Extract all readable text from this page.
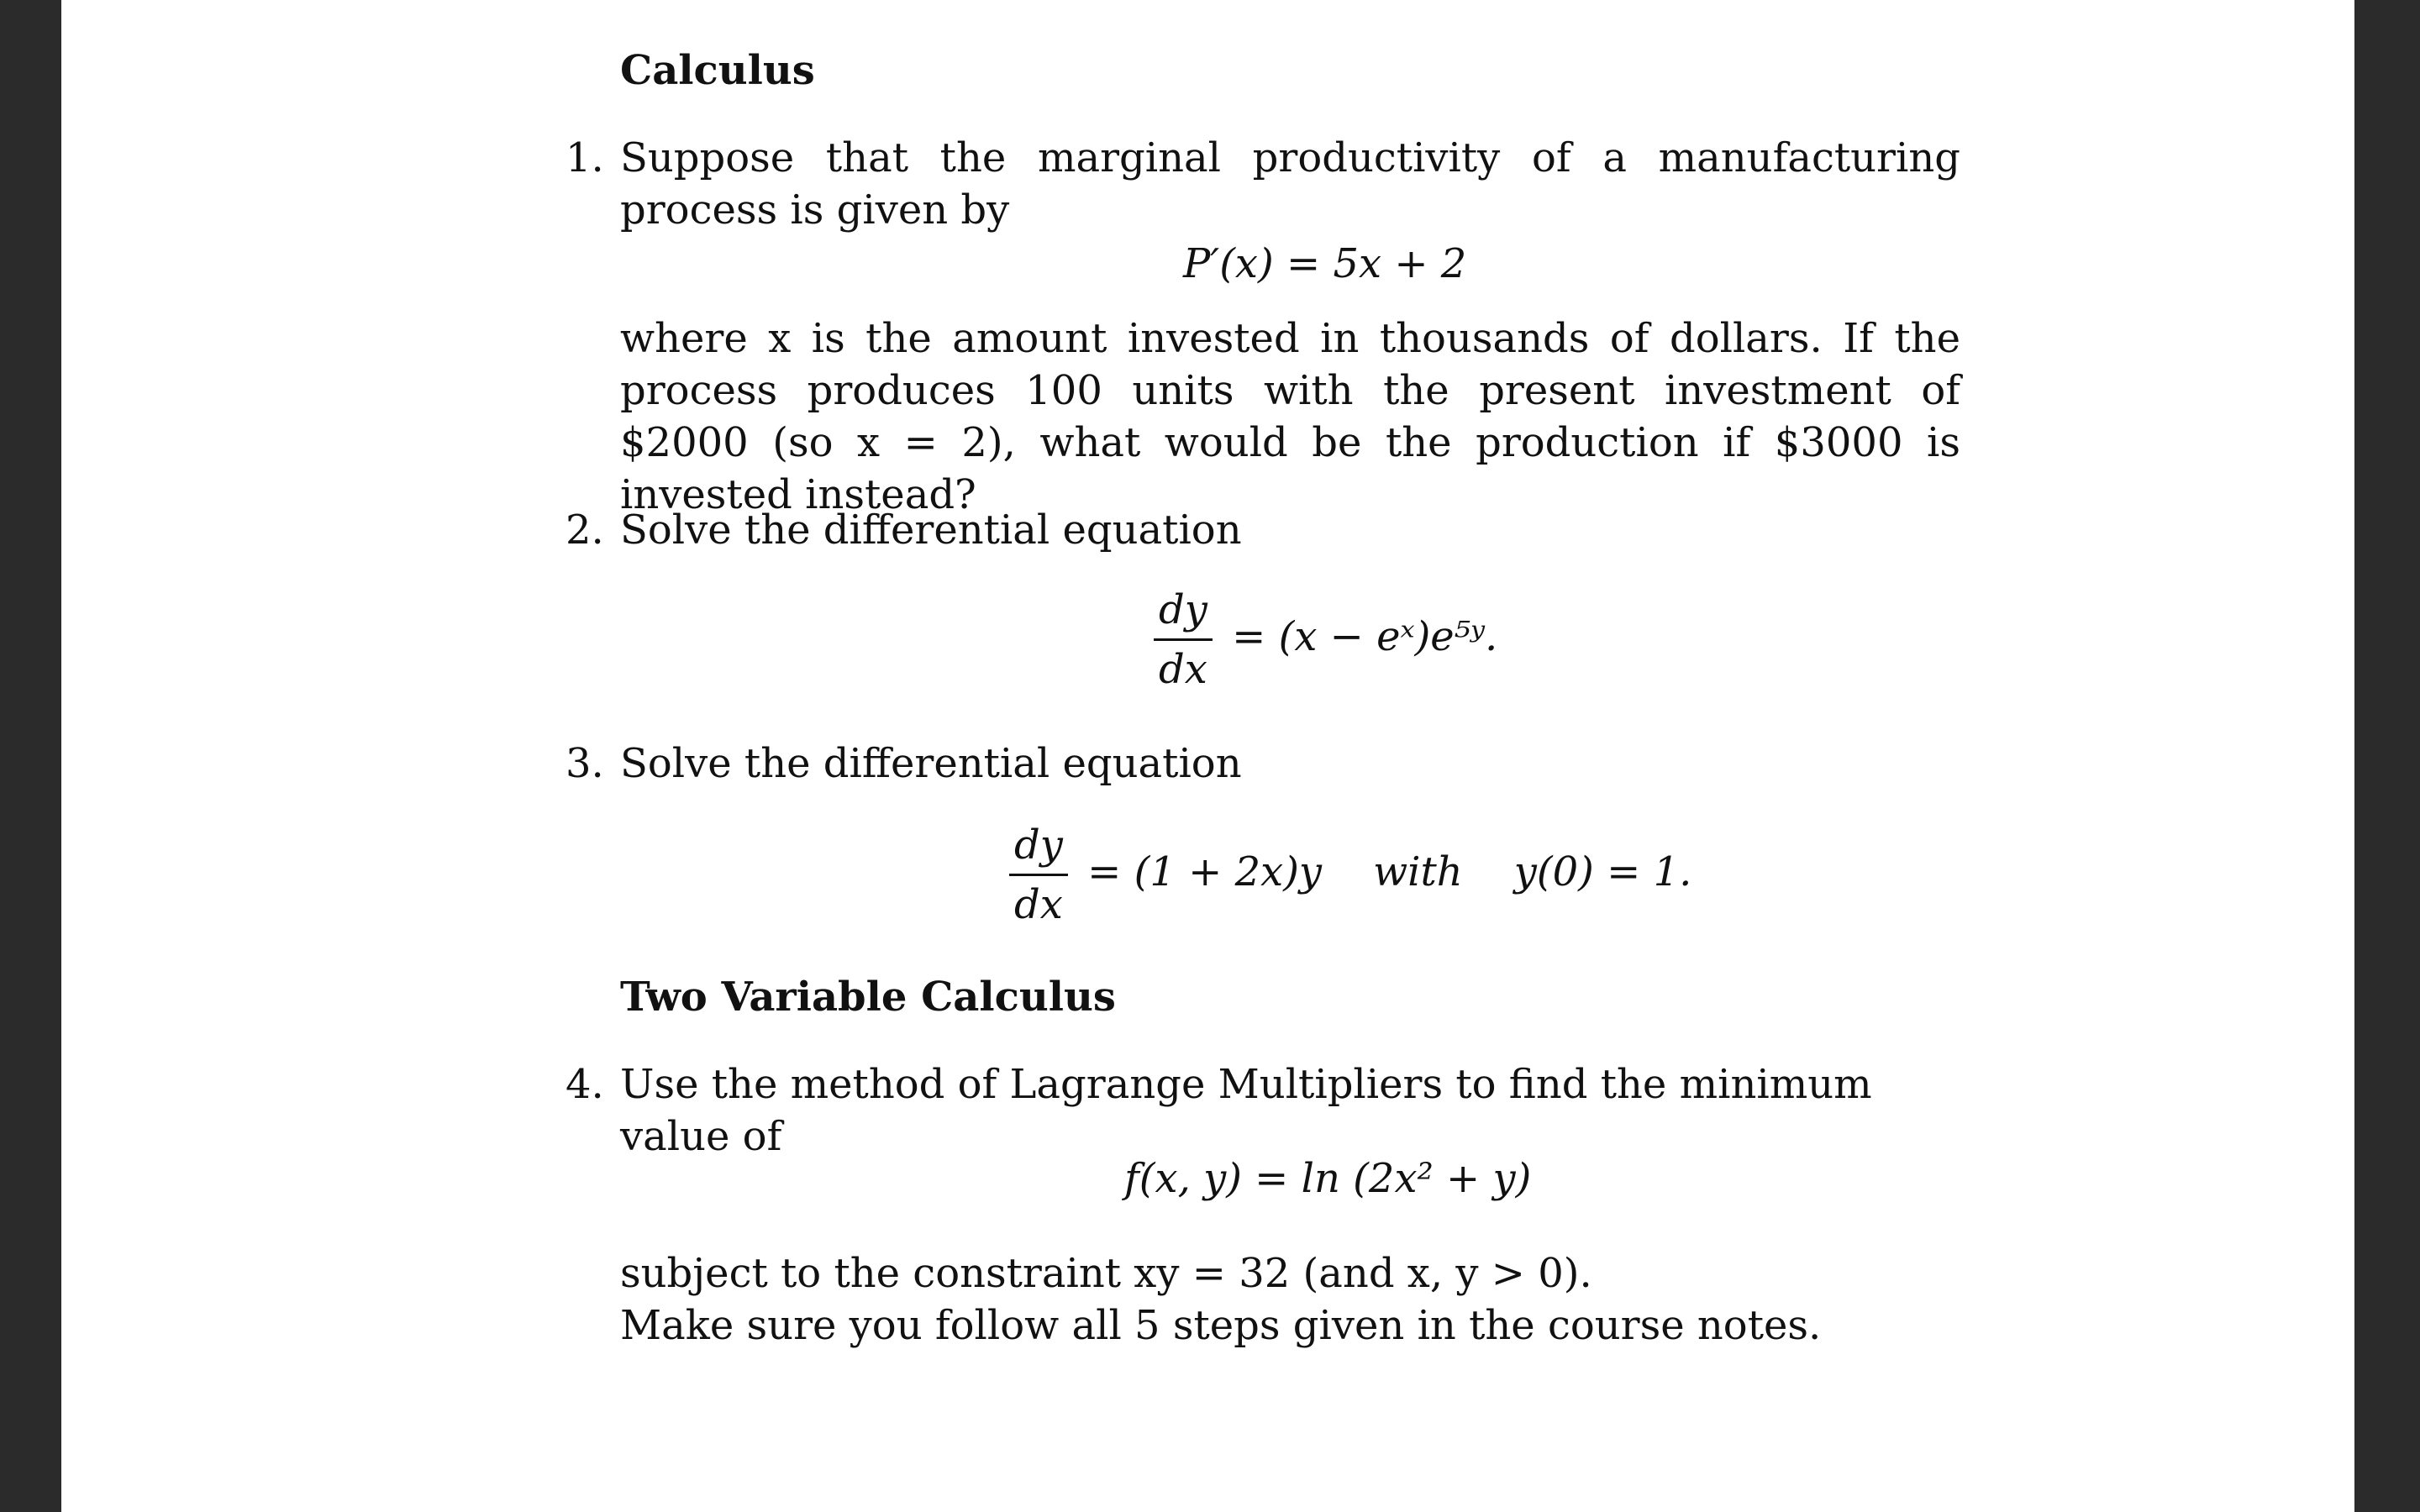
Calculus
1. Suppose that the marginal productivity of a manufacturing process is given by
P′(x) = 5x + 2
where x is the amount invested in thousands of dollars. If the process produces 100 units with the present investment of $2000 (so x = 2), what would be the production if $3000 is invested instead?
2. Solve the differential equation
$\frac{dy}{dx} = (x$ − eˣ)e⁵ʸ.
3. Solve the differential equation
$\frac{dy}{dx} = (1 + 2x)y$    with    y(0) = 1.
Two Variable Calculus
4. Use the method of Lagrange Multipliers to find the minimum value of
f(x, y) = ln (2x² + y)
subject to the constraint xy = 32 (and x, y > 0).
Make sure you follow all 5 steps given in the course notes.
